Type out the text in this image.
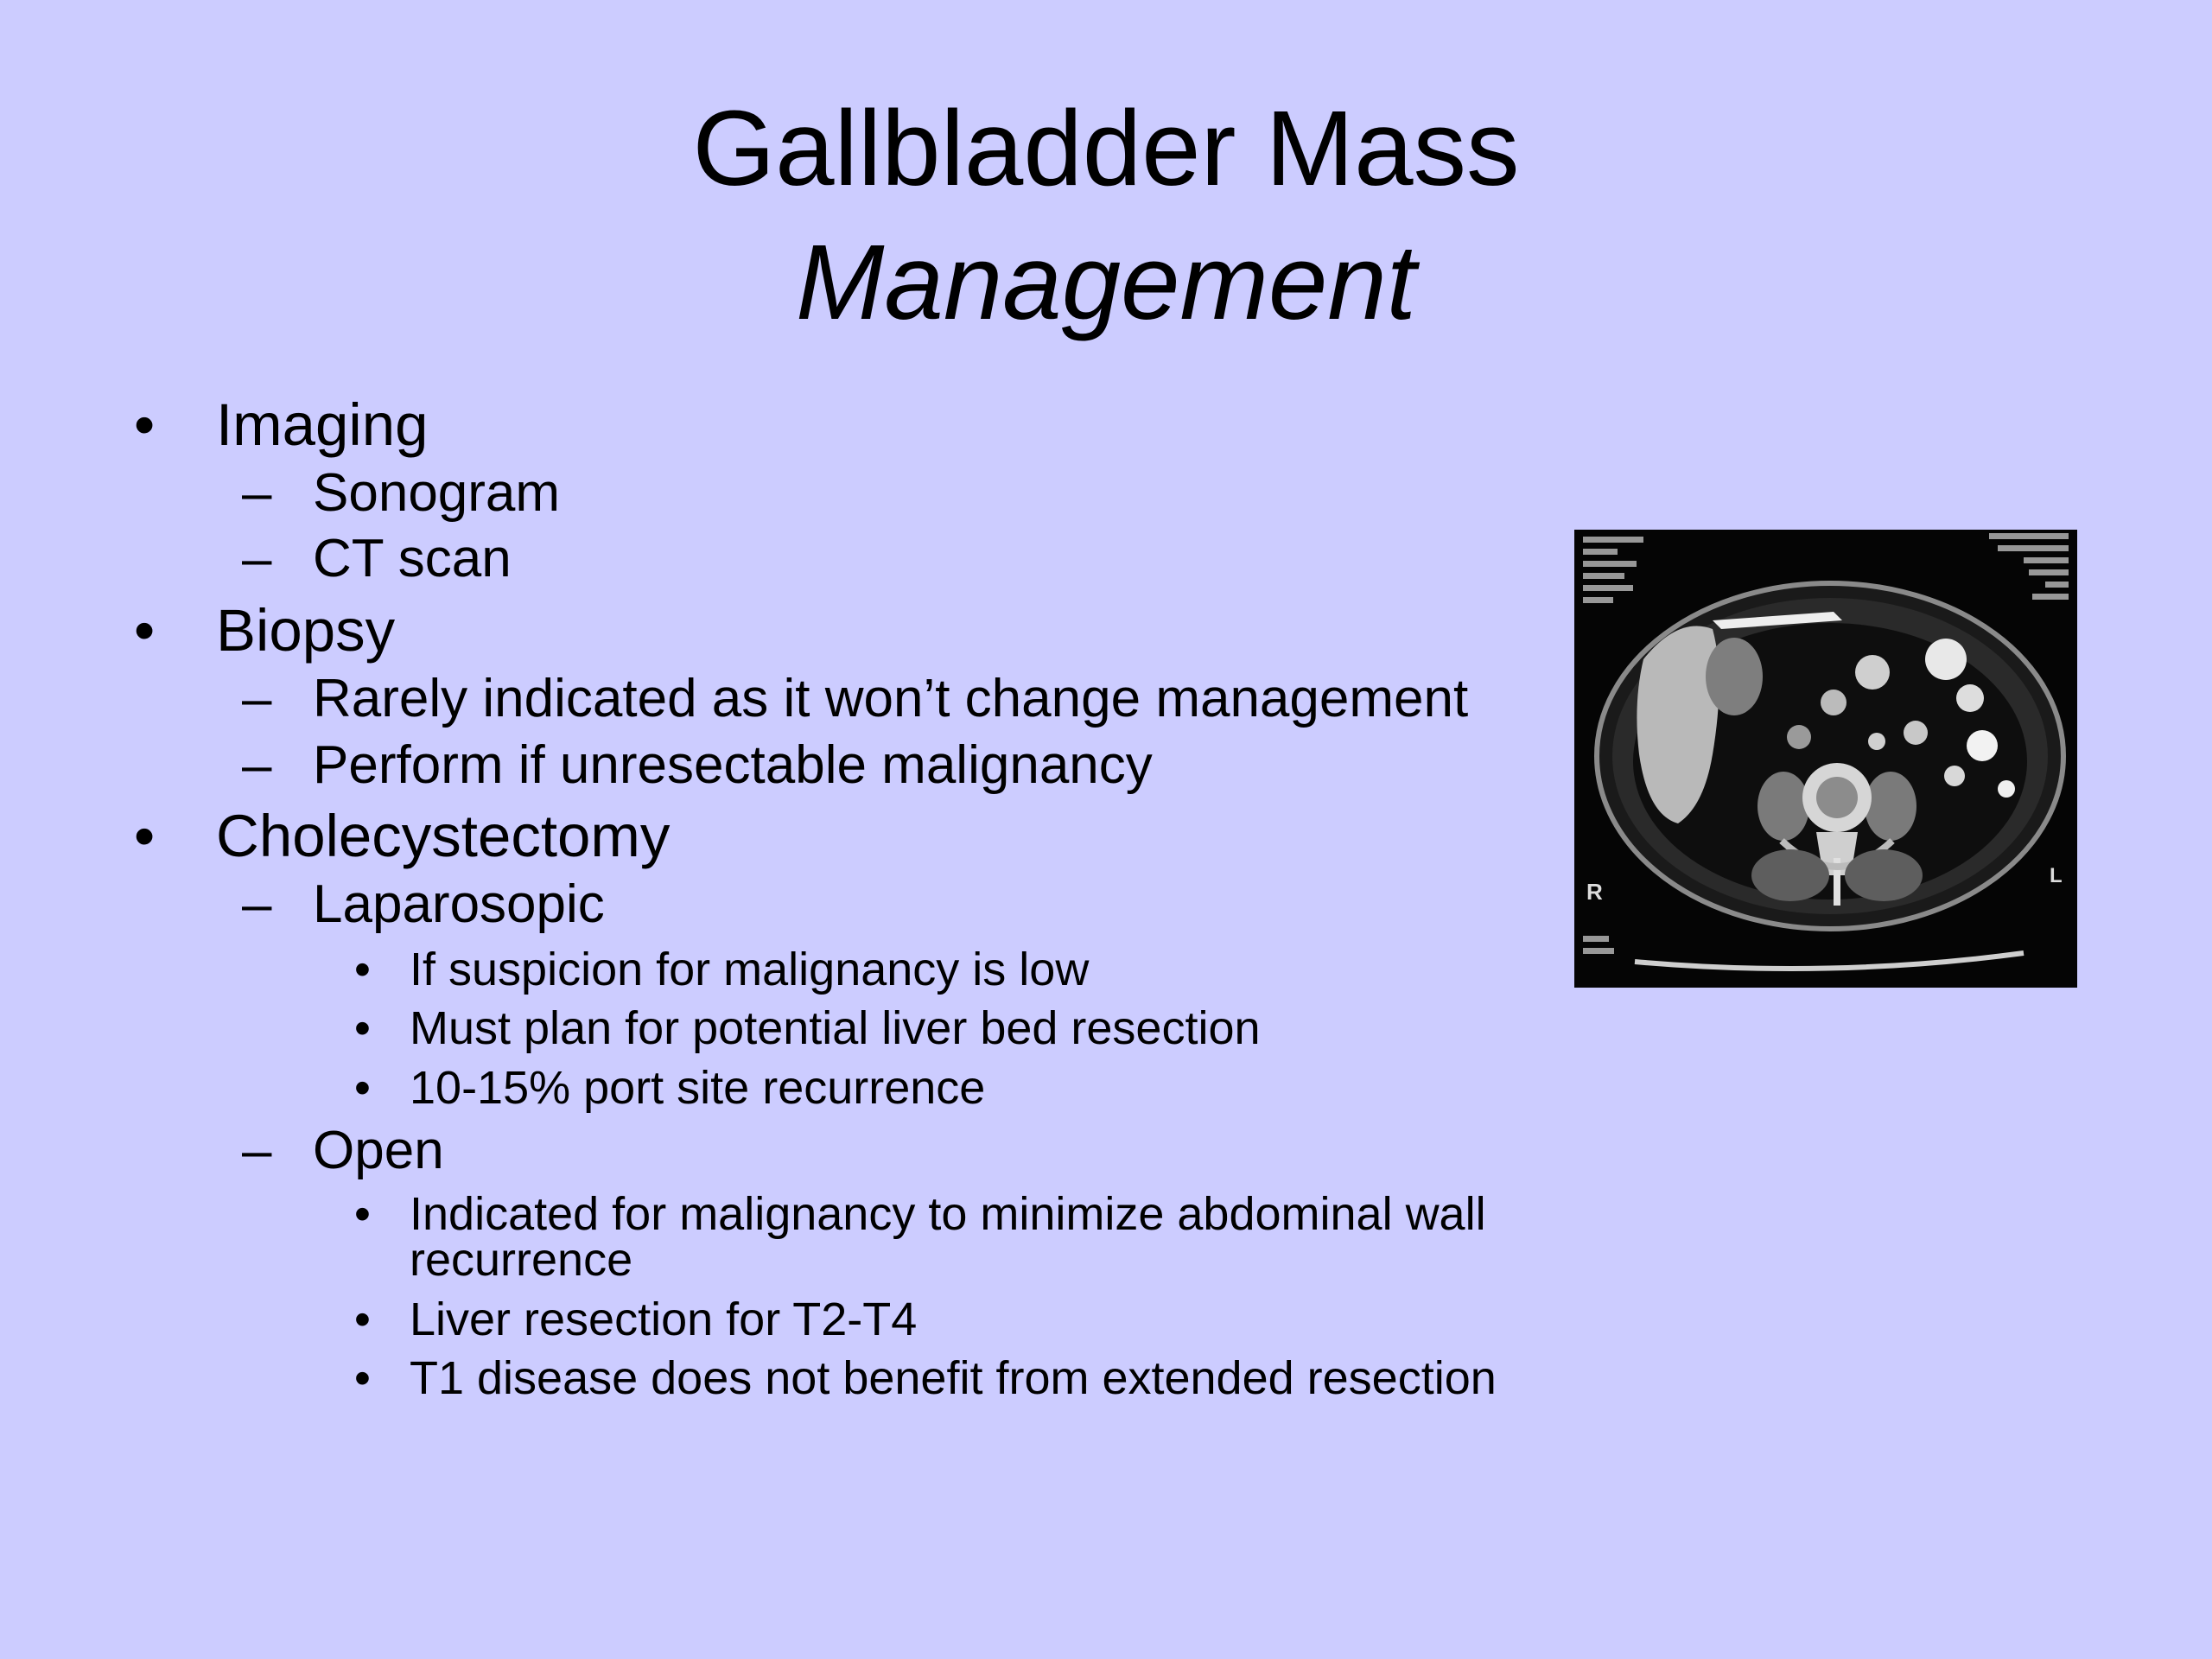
Gallbladder Mass
Management
• Imaging
– Sonogram
– CT scan
• Biopsy
– Rarely indicated as it won’t change management
– Perform if unresectable malignancy
• Cholecystectomy
– Laparosopic
• If suspicion for malignancy is low
• Must plan for potential liver bed resection
• 10-15% port site recurrence
– Open
• Indicated for malignancy to minimize abdominal wall
recurrence
• Liver resection for T2-T4
• T1 disease does not benefit from extended resection
R
L
